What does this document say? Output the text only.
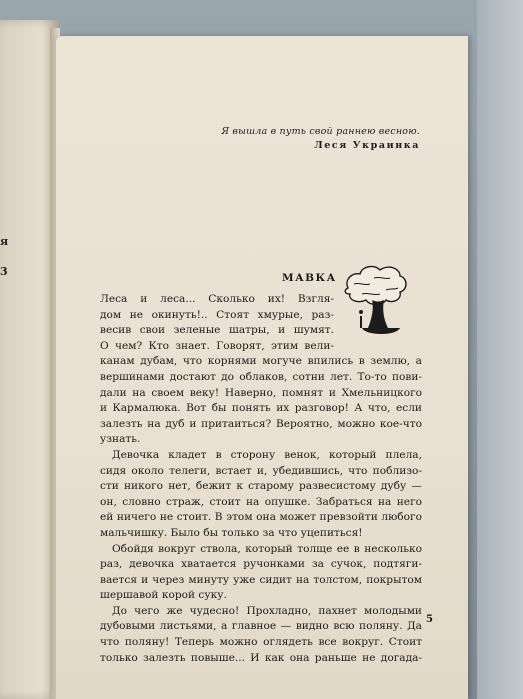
я
3
Я вышла в путь свой раннею весною.
Леся Украинка
МАВКА
Леса и леса... Сколько их! Взгля-
дом не окинуть!.. Стоят хмурые, раз-
весив свои зеленые шатры, и шумят.
О чем? Кто знает. Говорят, этим вели-
канам дубам, что корнями могуче впились в землю, а
вершинами достают до облаков, сотни лет. То-то пови-
дали на своем веку! Наверно, помнят и Хмельницкого
и Кармалюка. Вот бы понять их разговор! А что, если
залезть на дуб и притаиться? Вероятно, можно кое-что
узнать.
Девочка кладет в сторону венок, который плела,
сидя около телеги, встает и, убедившись, что поблизо-
сти никого нет, бежит к старому развесистому дубу —
он, словно страж, стоит на опушке. Забраться на него
ей ничего не стоит. В этом она может превзойти любого
мальчишку. Было бы только за что уцепиться!
Обойдя вокруг ствола, который толще ее в несколько
раз, девочка хватается ручонками за сучок, подтяги-
вается и через минуту уже сидит на толстом, покрытом
шершавой корой суку.
До чего же чудесно! Прохладно, пахнет молодыми
дубовыми листьями, а главное — видно всю поляну. Да
что поляну! Теперь можно оглядеть все вокруг. Стоит
только залезть повыше... И как она раньше не догада-
5
